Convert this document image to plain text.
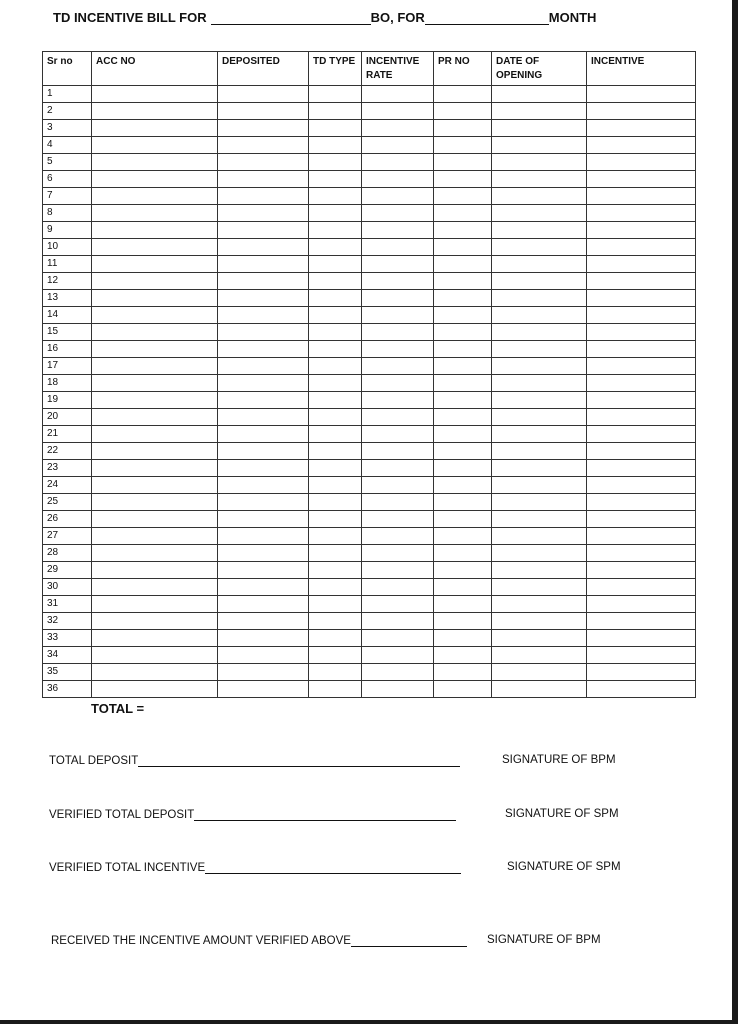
TD INCENTIVE BILL FOR	BO, FOR	MONTH
Sr no	ACC NO	DEPOSITED	TD TYPE	INCENTIVE RATE	PR NO	DATE OF OPENING	INCENTIVE
1							
2							
3							
4							
5							
6							
7							
8							
9							
10							
11							
12							
13							
14							
15							
16							
17							
18							
19							
20							
21							
22							
23							
24							
25							
26							
27							
28							
29							
30							
31							
32							
33							
34							
35							
36							
TOTAL =
TOTAL DEPOSIT	SIGNATURE OF BPM
VERIFIED TOTAL DEPOSIT	SIGNATURE OF SPM
VERIFIED TOTAL INCENTIVE	SIGNATURE OF SPM
RECEIVED THE INCENTIVE AMOUNT VERIFIED ABOVE	SIGNATURE OF BPM
